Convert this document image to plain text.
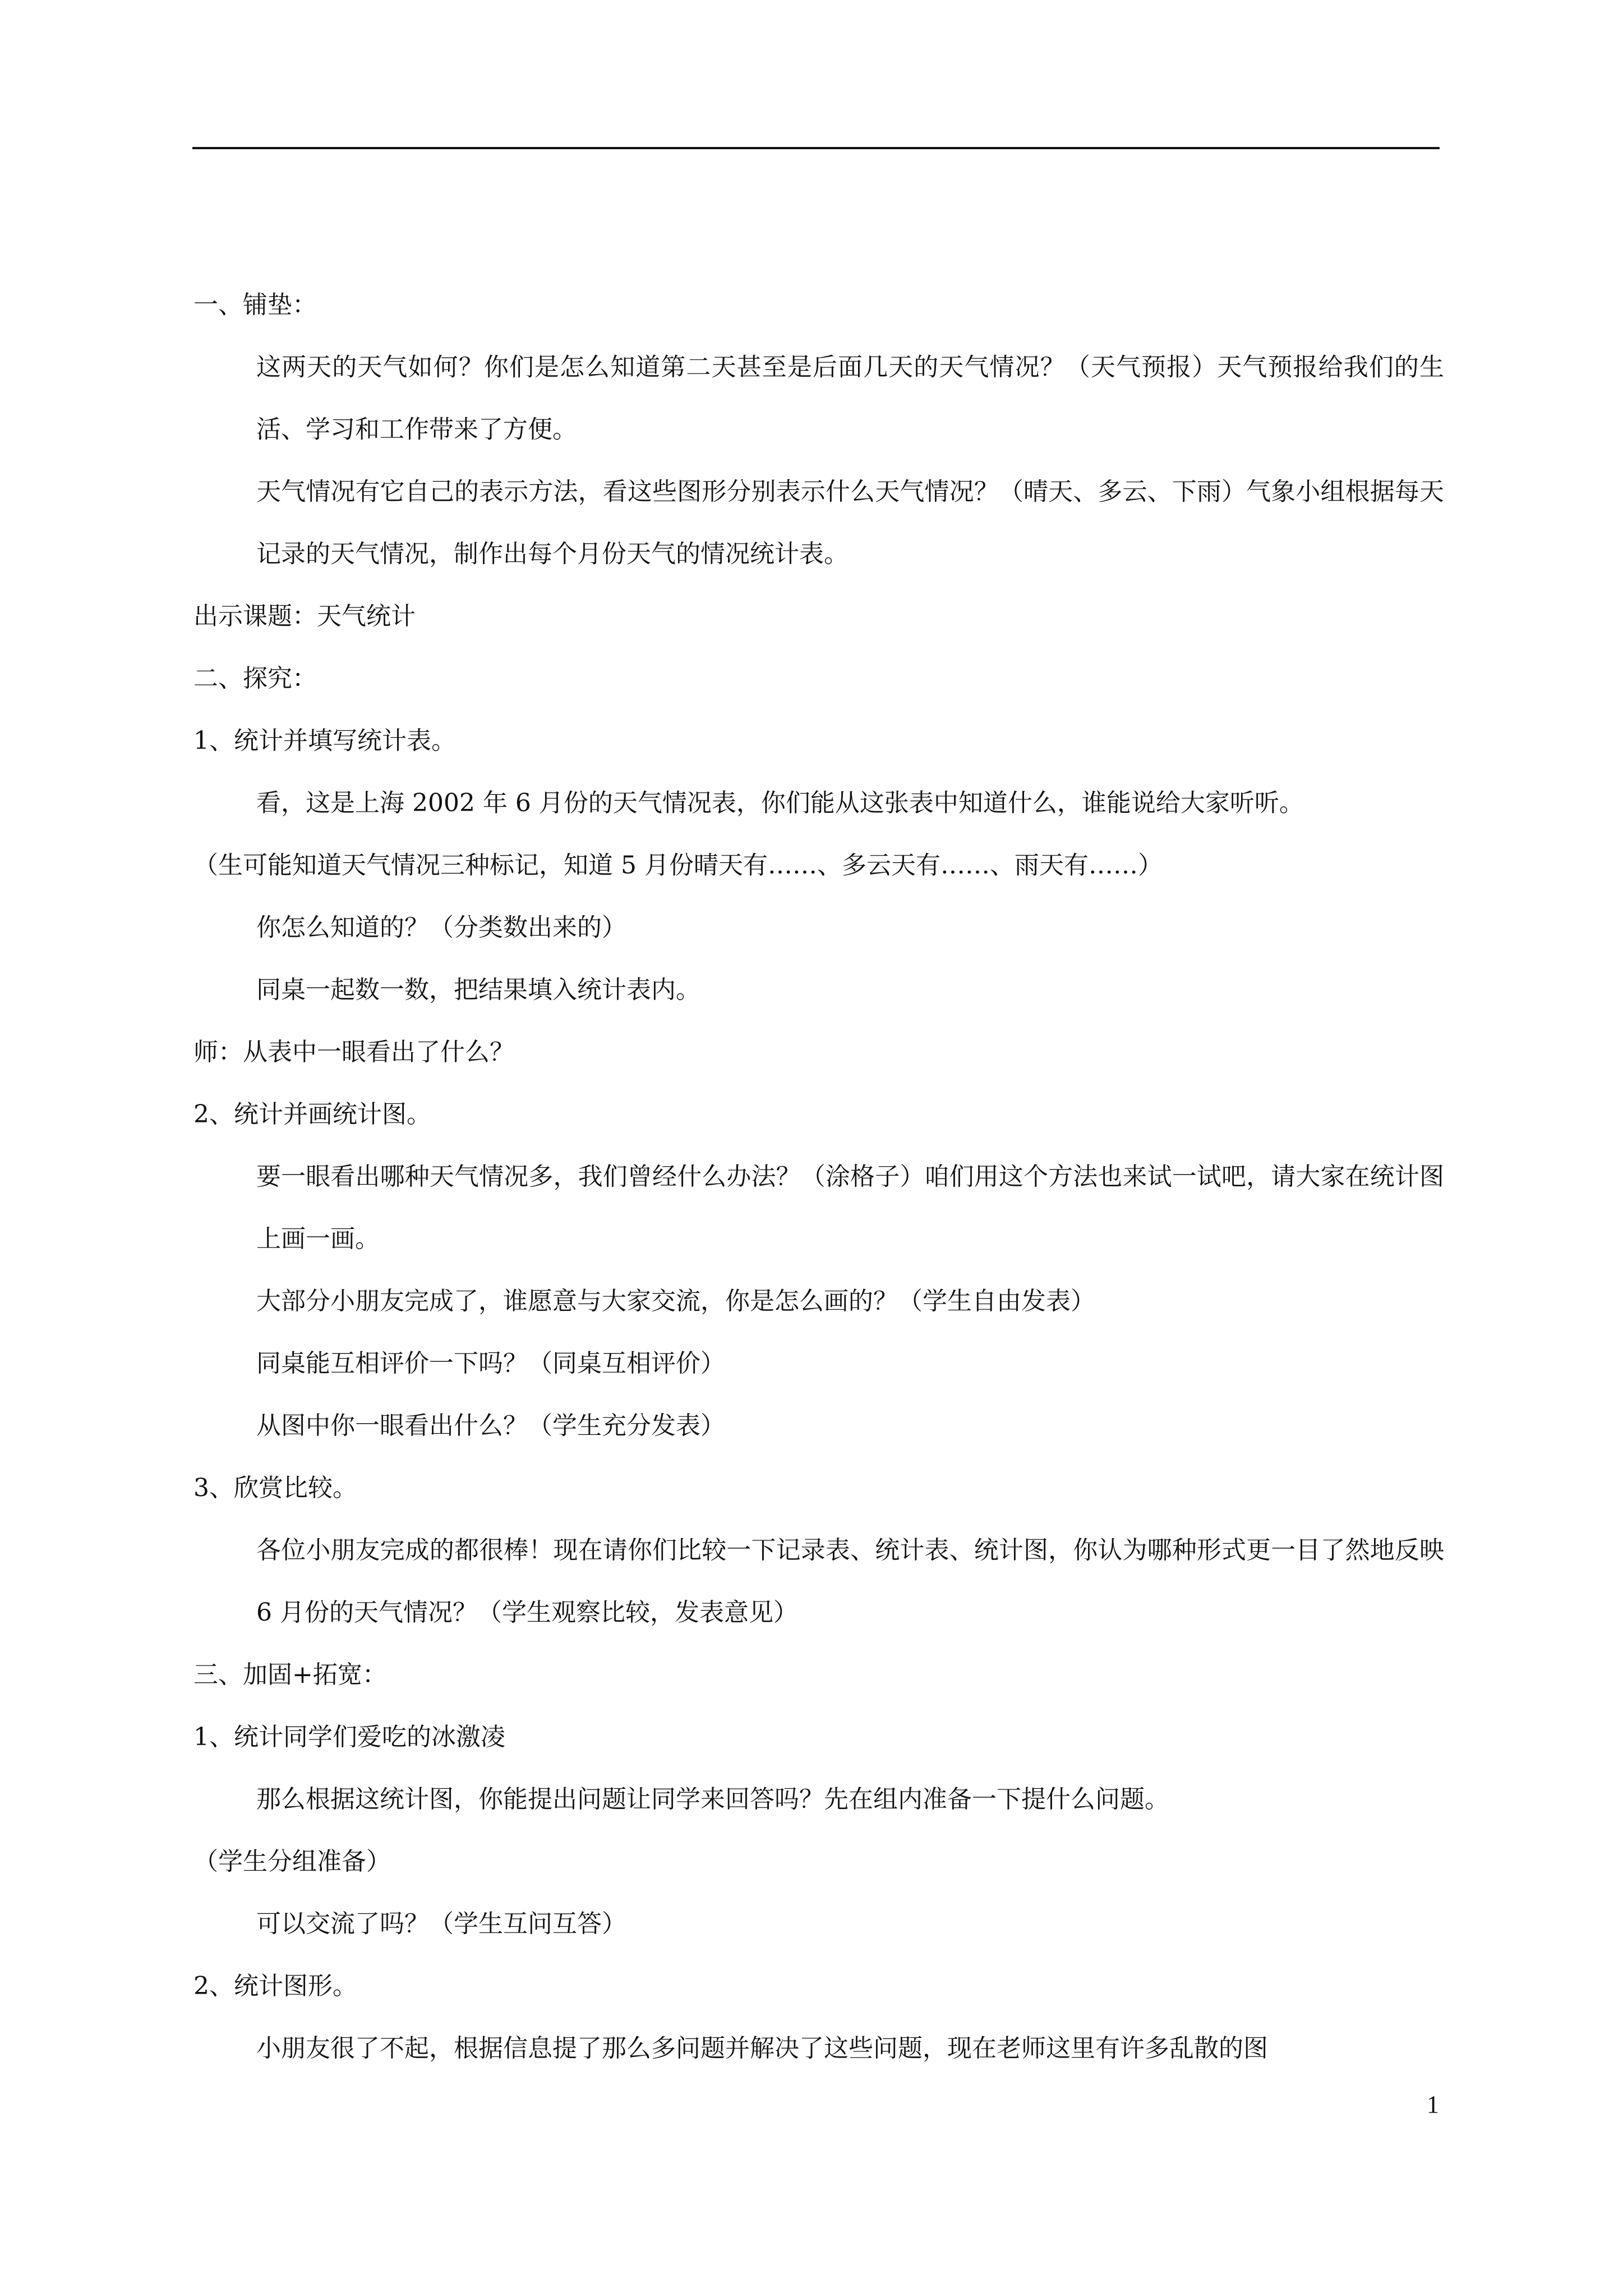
一、铺垫：

这两天的天气如何？你们是怎么知道第二天甚至是后面几天的天气情况？（天气预报）天气预报给我们的生活、学习和工作带来了方便。

天气情况有它自己的表示方法，看这些图形分别表示什么天气情况？（晴天、多云、下雨）气象小组根据每天记录的天气情况，制作出每个月份天气的情况统计表。

出示课题：天气统计

二、探究：

1、统计并填写统计表。

看，这是上海 2002 年 6 月份的天气情况表，你们能从这张表中知道什么，谁能说给大家听听。

（生可能知道天气情况三种标记，知道 5 月份晴天有……、多云天有……、雨天有……）

你怎么知道的？（分类数出来的）

同桌一起数一数，把结果填入统计表内。

师：从表中一眼看出了什么？

2、统计并画统计图。

要一眼看出哪种天气情况多，我们曾经什么办法？（涂格子）咱们用这个方法也来试一试吧，请大家在统计图上画一画。

大部分小朋友完成了，谁愿意与大家交流，你是怎么画的？（学生自由发表）

同桌能互相评价一下吗？（同桌互相评价）

从图中你一眼看出什么？（学生充分发表）

3、欣赏比较。

各位小朋友完成的都很棒！现在请你们比较一下记录表、统计表、统计图，你认为哪种形式更一目了然地反映 6 月份的天气情况？（学生观察比较，发表意见）

三、加固+拓宽：

1、统计同学们爱吃的冰激凌

那么根据这统计图，你能提出问题让同学来回答吗？先在组内准备一下提什么问题。

（学生分组准备）

可以交流了吗？（学生互问互答）

2、统计图形。

小朋友很了不起，根据信息提了那么多问题并解决了这些问题，现在老师这里有许多乱散的图

1
